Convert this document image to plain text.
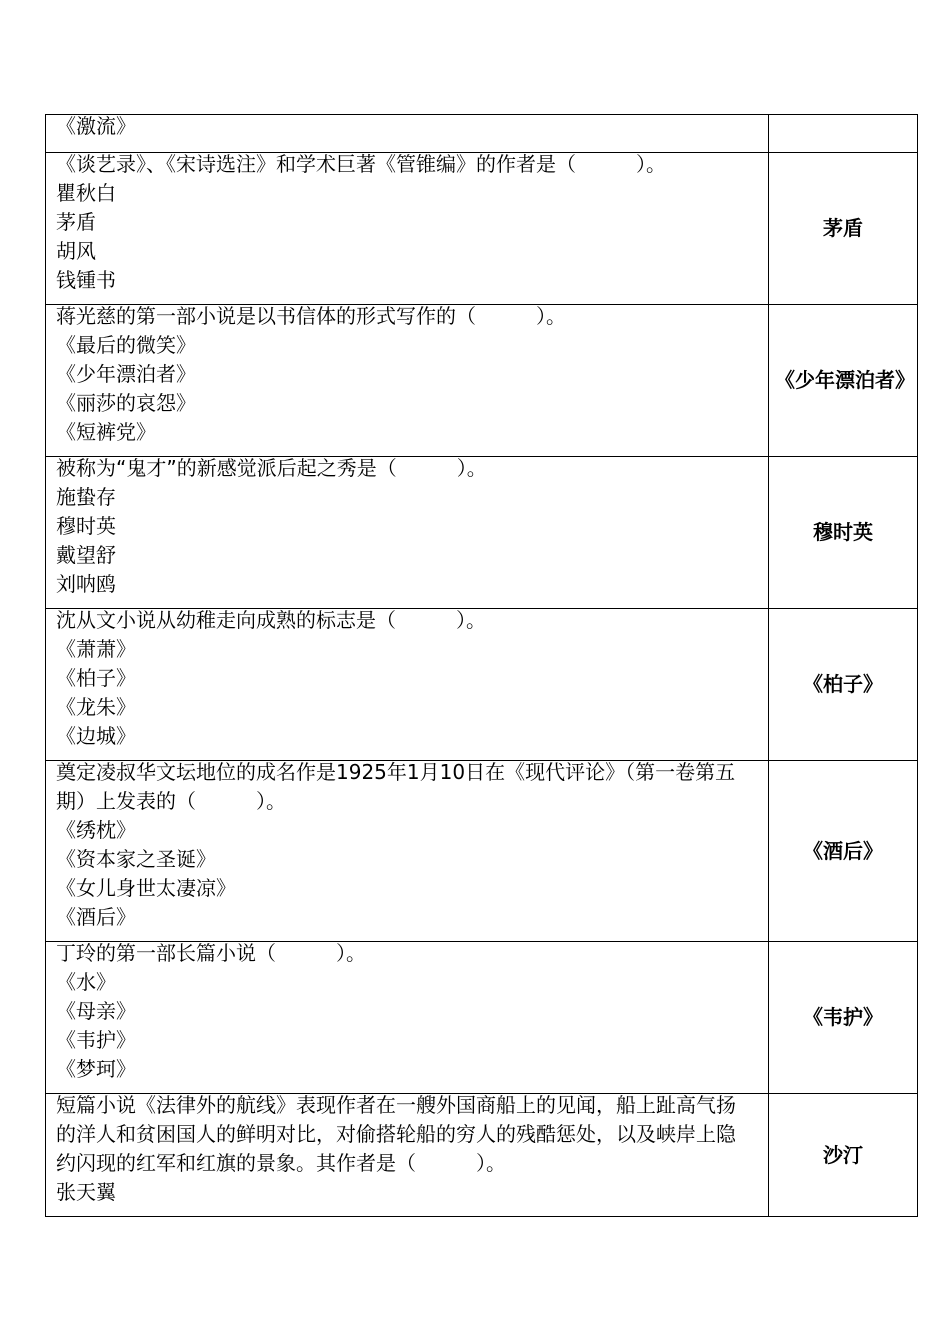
《激流》	

《谈艺录》、《宋诗选注》和学术巨著《管锥编》的作者是（　　　）。
瞿秋白
茅盾
胡风
钱锺书	茅盾

蒋光慈的第一部小说是以书信体的形式写作的（　　　）。
《最后的微笑》
《少年漂泊者》
《丽莎的哀怨》
《短裤党》	《少年漂泊者》

被称为“鬼才”的新感觉派后起之秀是（　　　）。
施蛰存
穆时英
戴望舒
刘呐鸥	穆时英

沈从文小说从幼稚走向成熟的标志是（　　　）。
《萧萧》
《柏子》
《龙朱》
《边城》	《柏子》

奠定凌叔华文坛地位的成名作是1925年1月10日在《现代评论》（第一卷第五期）上发表的（　　　）。
《绣枕》
《资本家之圣诞》
《女儿身世太凄凉》
《酒后》	《酒后》

丁玲的第一部长篇小说（　　　）。
《水》
《母亲》
《韦护》
《梦珂》	《韦护》

短篇小说《法律外的航线》表现作者在一艘外国商船上的见闻，船上趾高气扬的洋人和贫困国人的鲜明对比，对偷搭轮船的穷人的残酷惩处，以及峡岸上隐约闪现的红军和红旗的景象。其作者是（　　　）。
张天翼	沙汀
